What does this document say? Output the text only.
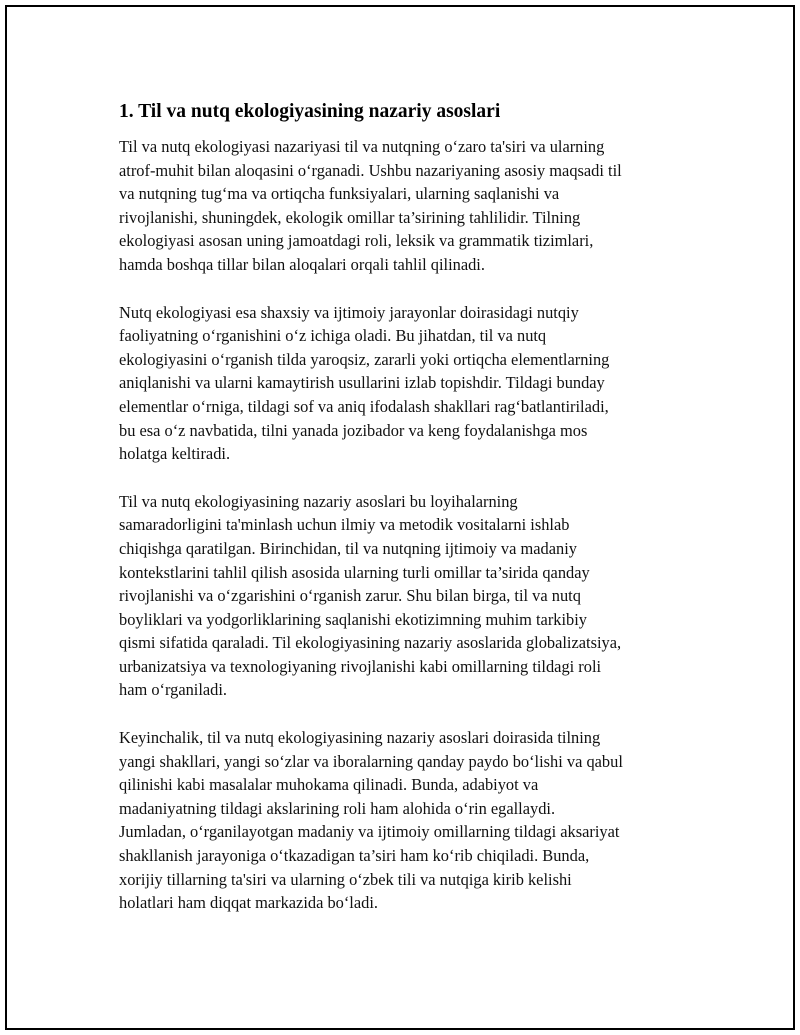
1. Til va nutq ekologiyasining nazariy asoslari

Til va nutq ekologiyasi nazariyasi til va nutqning o‘zaro ta'siri va ularning
atrof-muhit bilan aloqasini o‘rganadi. Ushbu nazariyaning asosiy maqsadi til
va nutqning tug‘ma va ortiqcha funksiyalari, ularning saqlanishi va
rivojlanishi, shuningdek, ekologik omillar ta’sirining tahlilidir. Tilning
ekologiyasi asosan uning jamoatdagi roli, leksik va grammatik tizimlari,
hamda boshqa tillar bilan aloqalari orqali tahlil qilinadi.

Nutq ekologiyasi esa shaxsiy va ijtimoiy jarayonlar doirasidagi nutqiy
faoliyatning o‘rganishini o‘z ichiga oladi. Bu jihatdan, til va nutq
ekologiyasini o‘rganish tilda yaroqsiz, zararli yoki ortiqcha elementlarning
aniqlanishi va ularni kamaytirish usullarini izlab topishdir. Tildagi bunday
elementlar o‘rniga, tildagi sof va aniq ifodalash shakllari rag‘batlantiriladi,
bu esa o‘z navbatida, tilni yanada jozibador va keng foydalanishga mos
holatga keltiradi.

Til va nutq ekologiyasining nazariy asoslari bu loyihalarning
samaradorligini ta'minlash uchun ilmiy va metodik vositalarni ishlab
chiqishga qaratilgan. Birinchidan, til va nutqning ijtimoiy va madaniy
kontekstlarini tahlil qilish asosida ularning turli omillar ta’sirida qanday
rivojlanishi va o‘zgarishini o‘rganish zarur. Shu bilan birga, til va nutq
boyliklari va yodgorliklarining saqlanishi ekotizimning muhim tarkibiy
qismi sifatida qaraladi. Til ekologiyasining nazariy asoslarida globalizatsiya,
urbanizatsiya va texnologiyaning rivojlanishi kabi omillarning tildagi roli
ham o‘rganiladi.

Keyinchalik, til va nutq ekologiyasining nazariy asoslari doirasida tilning
yangi shakllari, yangi so‘zlar va iboralarning qanday paydo bo‘lishi va qabul
qilinishi kabi masalalar muhokama qilinadi. Bunda, adabiyot va
madaniyatning tildagi akslarining roli ham alohida o‘rin egallaydi.
Jumladan, o‘rganilayotgan madaniy va ijtimoiy omillarning tildagi aksariyat
shakllanish jarayoniga o‘tkazadigan ta’siri ham ko‘rib chiqiladi. Bunda,
xorijiy tillarning ta'siri va ularning o‘zbek tili va nutqiga kirib kelishi
holatlari ham diqqat markazida bo‘ladi.
